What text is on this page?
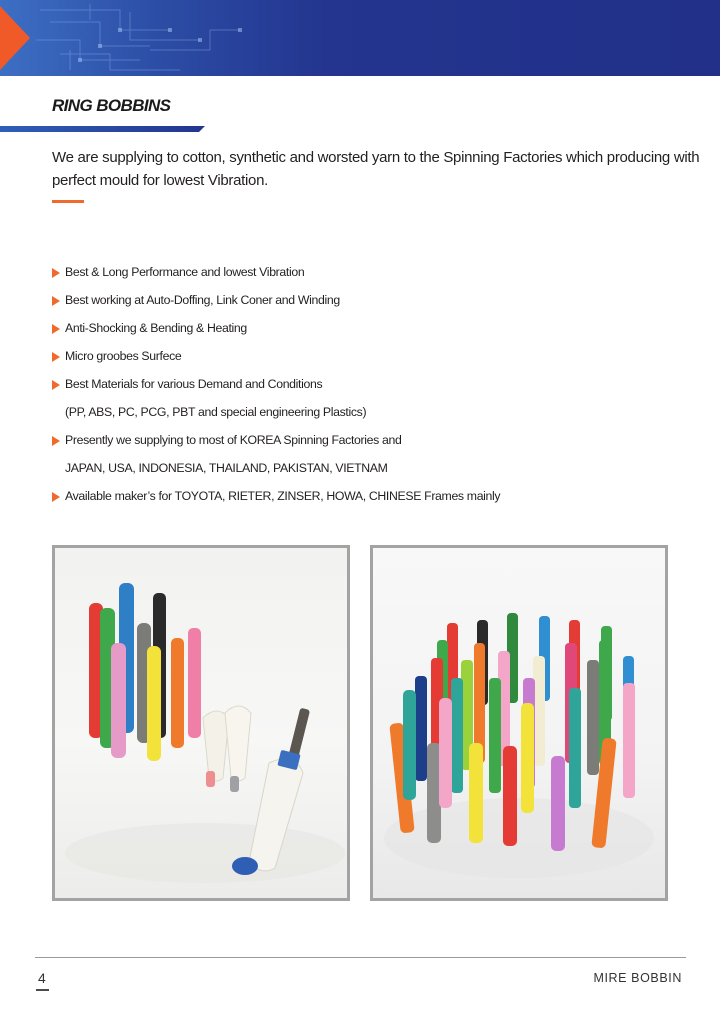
RING BOBBINS

We are supplying to cotton, synthetic and worsted yarn to the Spinning Factories which producing with perfect mould for lowest Vibration.

Best & Long Performance and lowest Vibration
Best working at Auto-Doffing, Link Coner and Winding
Anti-Shocking & Bending & Heating
Micro groobes Surfece
Best Materials for various Demand and Conditions
(PP, ABS, PC, PCG, PBT and special engineering Plastics)
Presently we supplying to most of KOREA Spinning Factories and
JAPAN, USA, INDONESIA, THAILAND, PAKISTAN, VIETNAM
Available maker’s for TOYOTA, RIETER, ZINSER, HOWA, CHINESE Frames mainly
4	MIRE BOBBIN
